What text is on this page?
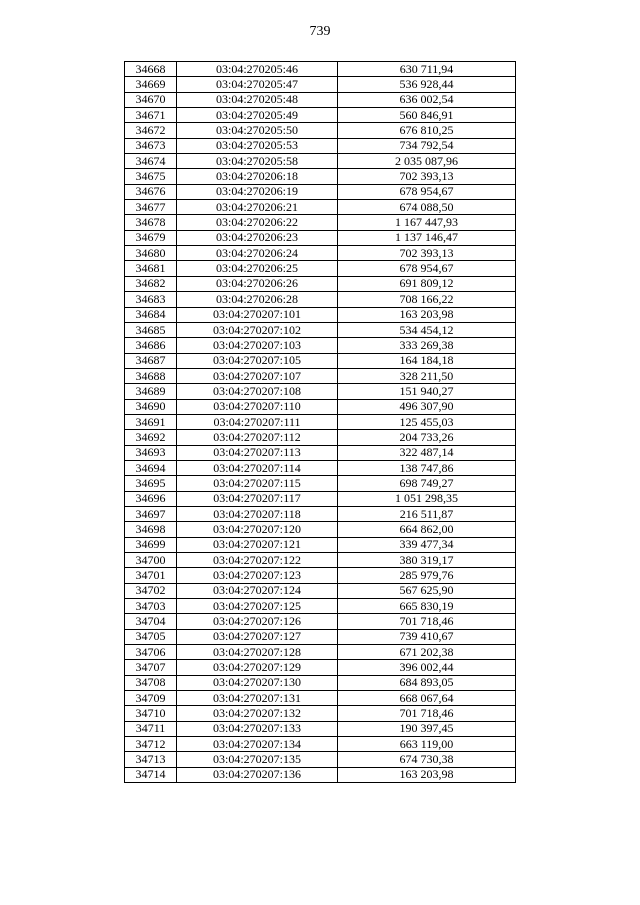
739
34668	03:04:270205:46	630 711,94
34669	03:04:270205:47	536 928,44
34670	03:04:270205:48	636 002,54
34671	03:04:270205:49	560 846,91
34672	03:04:270205:50	676 810,25
34673	03:04:270205:53	734 792,54
34674	03:04:270205:58	2 035 087,96
34675	03:04:270206:18	702 393,13
34676	03:04:270206:19	678 954,67
34677	03:04:270206:21	674 088,50
34678	03:04:270206:22	1 167 447,93
34679	03:04:270206:23	1 137 146,47
34680	03:04:270206:24	702 393,13
34681	03:04:270206:25	678 954,67
34682	03:04:270206:26	691 809,12
34683	03:04:270206:28	708 166,22
34684	03:04:270207:101	163 203,98
34685	03:04:270207:102	534 454,12
34686	03:04:270207:103	333 269,38
34687	03:04:270207:105	164 184,18
34688	03:04:270207:107	328 211,50
34689	03:04:270207:108	151 940,27
34690	03:04:270207:110	496 307,90
34691	03:04:270207:111	125 455,03
34692	03:04:270207:112	204 733,26
34693	03:04:270207:113	322 487,14
34694	03:04:270207:114	138 747,86
34695	03:04:270207:115	698 749,27
34696	03:04:270207:117	1 051 298,35
34697	03:04:270207:118	216 511,87
34698	03:04:270207:120	664 862,00
34699	03:04:270207:121	339 477,34
34700	03:04:270207:122	380 319,17
34701	03:04:270207:123	285 979,76
34702	03:04:270207:124	567 625,90
34703	03:04:270207:125	665 830,19
34704	03:04:270207:126	701 718,46
34705	03:04:270207:127	739 410,67
34706	03:04:270207:128	671 202,38
34707	03:04:270207:129	396 002,44
34708	03:04:270207:130	684 893,05
34709	03:04:270207:131	668 067,64
34710	03:04:270207:132	701 718,46
34711	03:04:270207:133	190 397,45
34712	03:04:270207:134	663 119,00
34713	03:04:270207:135	674 730,38
34714	03:04:270207:136	163 203,98
